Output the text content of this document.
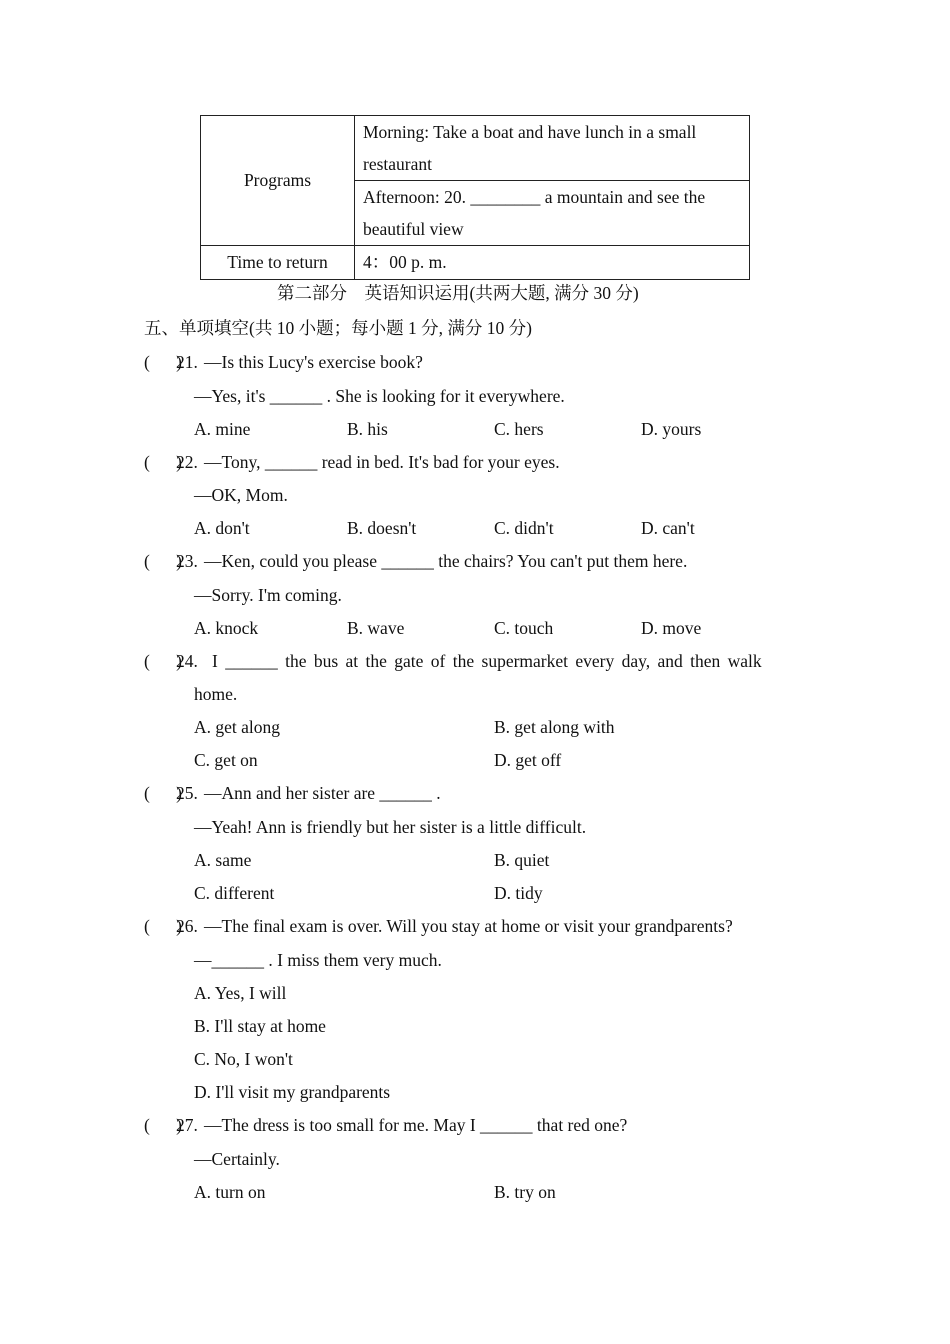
Programs	Morning: Take a boat and have lunch in a small
restaurant
	Afternoon: 20. ________ a mountain and see the
beautiful view
Time to return	4：00 p. m.
第二部分　英语知识运用(共两大题, 满分 30 分)
五、单项填空(共 10 小题；每小题 1 分, 满分 10 分)
(      )
21. —Is this Lucy's exercise book?
—Yes, it's ______ . She is looking for it everywhere.
A. mine	B. his	C. hers	D. yours
(      )
22. —Tony, ______ read in bed. It's bad for your eyes.
—OK, Mom.
A. don't	B. doesn't	C. didn't	D. can't
(      )
23. —Ken, could you please ______ the chairs? You can't put them here.
—Sorry. I'm coming.
A. knock	B. wave	C. touch	D. move
(      )
24. I ______ the bus at the gate of the supermarket every day, and then walk
home.
A. get along	B. get along with
C. get on	D. get off
(      )
25. —Ann and her sister are ______ .
—Yeah! Ann is friendly but her sister is a little difficult.
A. same	B. quiet
C. different	D. tidy
(      )
26. —The final exam is over. Will you stay at home or visit your grandparents?
—______ . I miss them very much.
A. Yes, I will
B. I'll stay at home
C. No, I won't
D. I'll visit my grandparents
(      )
27. —The dress is too small for me. May I ______ that red one?
—Certainly.
A. turn on	B. try on
